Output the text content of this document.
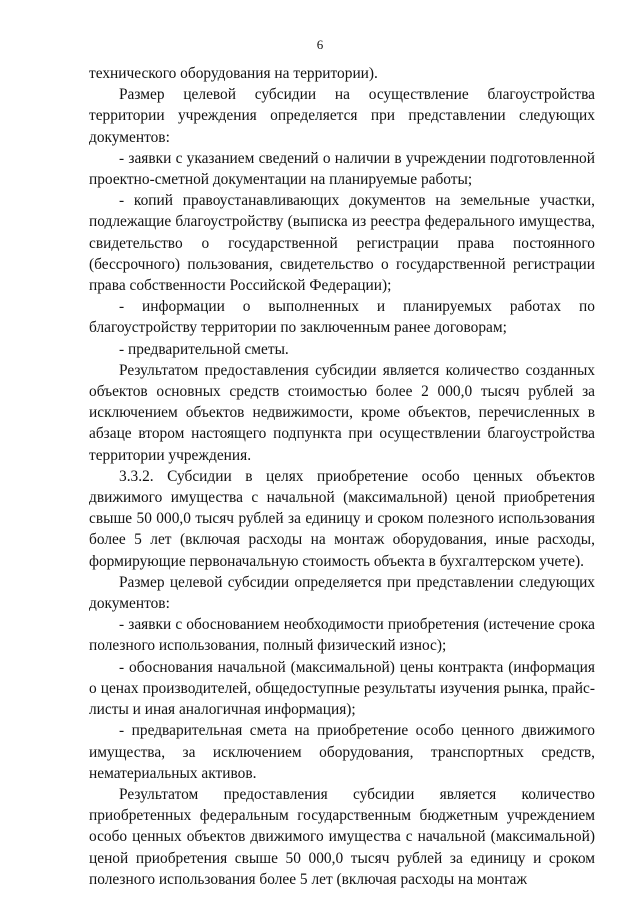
6

технического оборудования на территории).

Размер целевой субсидии на осуществление благоустройства территории учреждения определяется при представлении следующих документов:

- заявки с указанием сведений о наличии в учреждении подготовленной проектно-сметной документации на планируемые работы;

- копий правоустанавливающих документов на земельные участки, подлежащие благоустройству (выписка из реестра федерального имущества, свидетельство о государственной регистрации права постоянного (бессрочного) пользования, свидетельство о государственной регистрации права собственности Российской Федерации);

- информации о выполненных и планируемых работах по благоустройству территории по заключенным ранее договорам;

- предварительной сметы.

Результатом предоставления субсидии является количество созданных объектов основных средств стоимостью более 2 000,0 тысяч рублей за исключением объектов недвижимости, кроме объектов, перечисленных в абзаце втором настоящего подпункта при осуществлении благоустройства территории учреждения.

3.3.2. Субсидии в целях приобретение особо ценных объектов движимого имущества с начальной (максимальной) ценой приобретения свыше 50 000,0 тысяч рублей за единицу и сроком полезного использования более 5 лет (включая расходы на монтаж оборудования, иные расходы, формирующие первоначальную стоимость объекта в бухгалтерском учете).

Размер целевой субсидии определяется при представлении следующих документов:

- заявки с обоснованием необходимости приобретения (истечение срока полезного использования, полный физический износ);

- обоснования начальной (максимальной) цены контракта (информация о ценах производителей, общедоступные результаты изучения рынка, прайс-листы и иная аналогичная информация);

- предварительная смета на приобретение особо ценного движимого имущества, за исключением оборудования, транспортных средств, нематериальных активов.

Результатом предоставления субсидии является количество приобретенных федеральным государственным бюджетным учреждением особо ценных объектов движимого имущества с начальной (максимальной) ценой приобретения свыше 50 000,0 тысяч рублей за единицу и сроком полезного использования более 5 лет (включая расходы на монтаж
